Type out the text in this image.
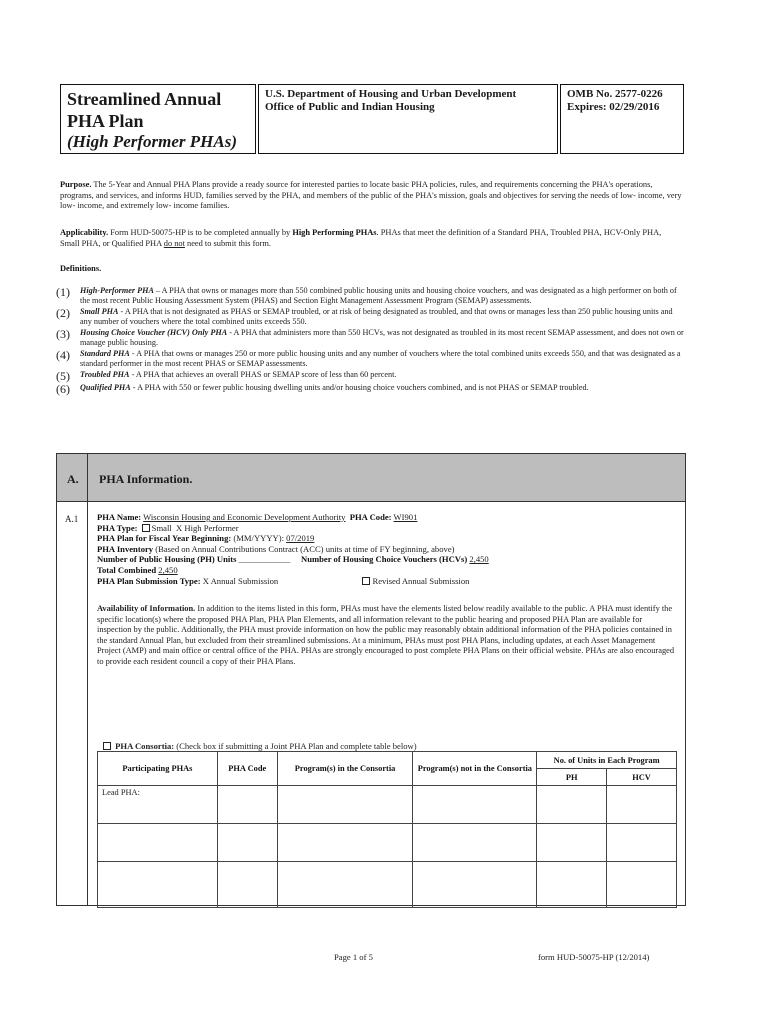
Streamlined Annual
PHA Plan
(High Performer PHAs)
U.S. Department of Housing and Urban Development
Office of Public and Indian Housing
OMB No. 2577-0226
Expires: 02/29/2016
Purpose. The 5-Year and Annual PHA Plans provide a ready source for interested parties to locate basic PHA policies, rules, and requirements concerning the PHA's operations, programs, and services, and informs HUD, families served by the PHA, and members of the public of the PHA's mission, goals and objectives for serving the needs of low- income, very low- income, and extremely low- income families.
Applicability. Form HUD-50075-HP is to be completed annually by High Performing PHAs. PHAs that meet the definition of a Standard PHA, Troubled PHA, HCV-Only PHA, Small PHA, or Qualified PHA do not need to submit this form.
Definitions.
(1)	High-Performer PHA – A PHA that owns or manages more than 550 combined public housing units and housing choice vouchers, and was designated as a high performer on both of the most recent Public Housing Assessment System (PHAS) and Section Eight Management Assessment Program (SEMAP) assessments.
(2)	Small PHA - A PHA that is not designated as PHAS or SEMAP troubled, or at risk of being designated as troubled, and that owns or manages less than 250 public housing units and any number of vouchers where the total combined units exceeds 550.
(3)	Housing Choice Voucher (HCV) Only PHA - A PHA that administers more than 550 HCVs, was not designated as troubled in its most recent SEMAP assessment, and does not own or manage public housing.
(4)	Standard PHA - A PHA that owns or manages 250 or more public housing units and any number of vouchers where the total combined units exceeds 550, and that was designated as a standard performer in the most recent PHAS or SEMAP assessments.
(5)	Troubled PHA - A PHA that achieves an overall PHAS or SEMAP score of less than 60 percent.
(6)	Qualified PHA - A PHA with 550 or fewer public housing dwelling units and/or housing choice vouchers combined, and is not PHAS or SEMAP troubled.
A. PHA Information.
A.1 PHA Name: Wisconsin Housing and Economic Development Authority PHA Code: WI901
PHA Type: Small X High Performer
PHA Plan for Fiscal Year Beginning: (MM/YYYY): 07/2019
PHA Inventory (Based on Annual Contributions Contract (ACC) units at time of FY beginning, above)
Number of Public Housing (PH) Units ____________ Number of Housing Choice Vouchers (HCVs) 2,450
Total Combined 2,450
PHA Plan Submission Type: X Annual Submission	Revised Annual Submission
Availability of Information. In addition to the items listed in this form, PHAs must have the elements listed below readily available to the public. A PHA must identify the specific location(s) where the proposed PHA Plan, PHA Plan Elements, and all information relevant to the public hearing and proposed PHA Plan are available for inspection by the public. Additionally, the PHA must provide information on how the public may reasonably obtain additional information of the PHA policies contained in the standard Annual Plan, but excluded from their streamlined submissions. At a minimum, PHAs must post PHA Plans, including updates, at each Asset Management Project (AMP) and main office or central office of the PHA. PHAs are strongly encouraged to post complete PHA Plans on their official website. PHAs are also encouraged to provide each resident council a copy of their PHA Plans.
PHA Consortia: (Check box if submitting a Joint PHA Plan and complete table below)
Participating PHAs	PHA Code	Program(s) in the Consortia	Program(s) not in the Consortia	No. of Units in Each Program	
				PH	HCV
Lead PHA:					

Page 1 of 5	form HUD-50075-HP (12/2014)
